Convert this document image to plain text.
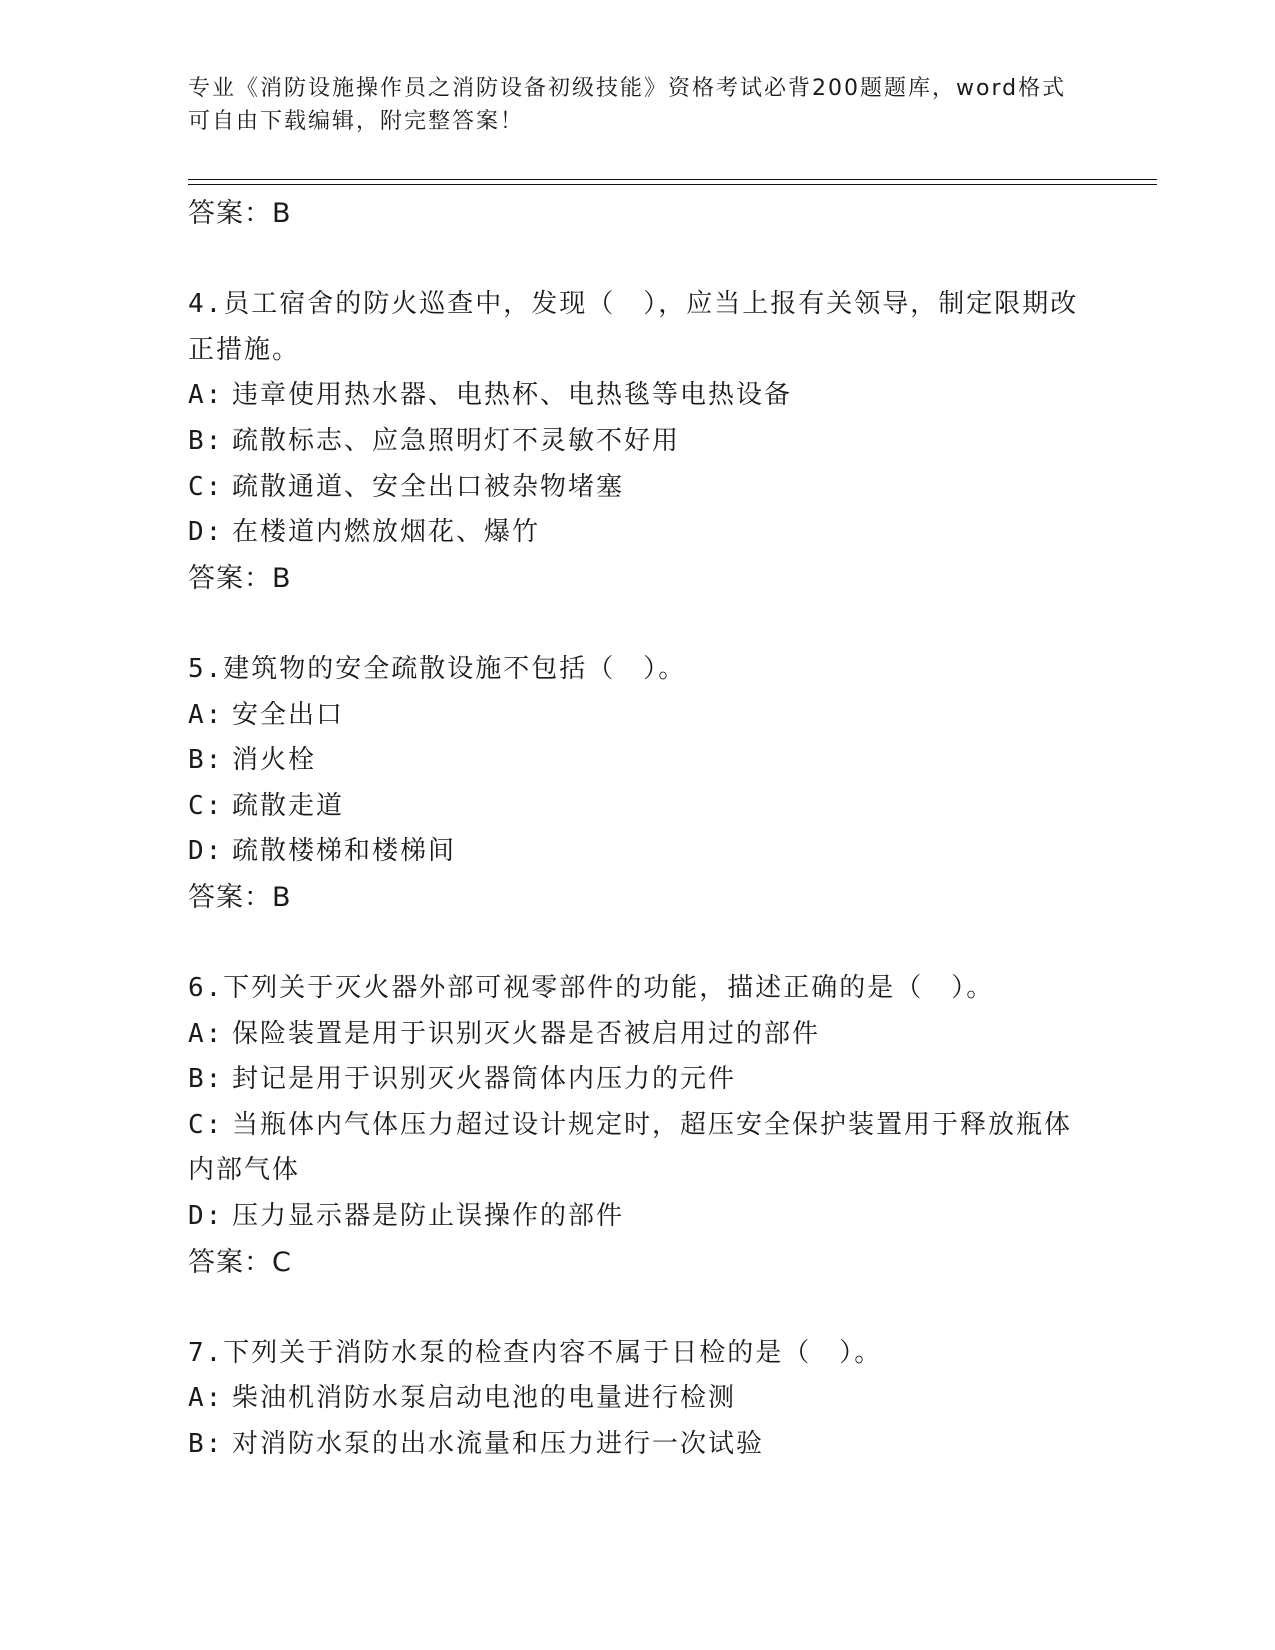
专业《消防设施操作员之消防设备初级技能》资格考试必背200题题库，word格式可自由下载编辑，附完整答案！
答案：B
4.员工宿舍的防火巡查中，发现（　），应当上报有关领导，制定限期改正措施。
A: 违章使用热水器、电热杯、电热毯等电热设备
B: 疏散标志、应急照明灯不灵敏不好用
C: 疏散通道、安全出口被杂物堵塞
D: 在楼道内燃放烟花、爆竹
答案：B
5.建筑物的安全疏散设施不包括（　）。
A: 安全出口
B: 消火栓
C: 疏散走道
D: 疏散楼梯和楼梯间
答案：B
6.下列关于灭火器外部可视零部件的功能，描述正确的是（　）。
A: 保险装置是用于识别灭火器是否被启用过的部件
B: 封记是用于识别灭火器筒体内压力的元件
C: 当瓶体内气体压力超过设计规定时，超压安全保护装置用于释放瓶体内部气体
D: 压力显示器是防止误操作的部件
答案：C
7.下列关于消防水泵的检查内容不属于日检的是（　）。
A: 柴油机消防水泵启动电池的电量进行检测
B: 对消防水泵的出水流量和压力进行一次试验
